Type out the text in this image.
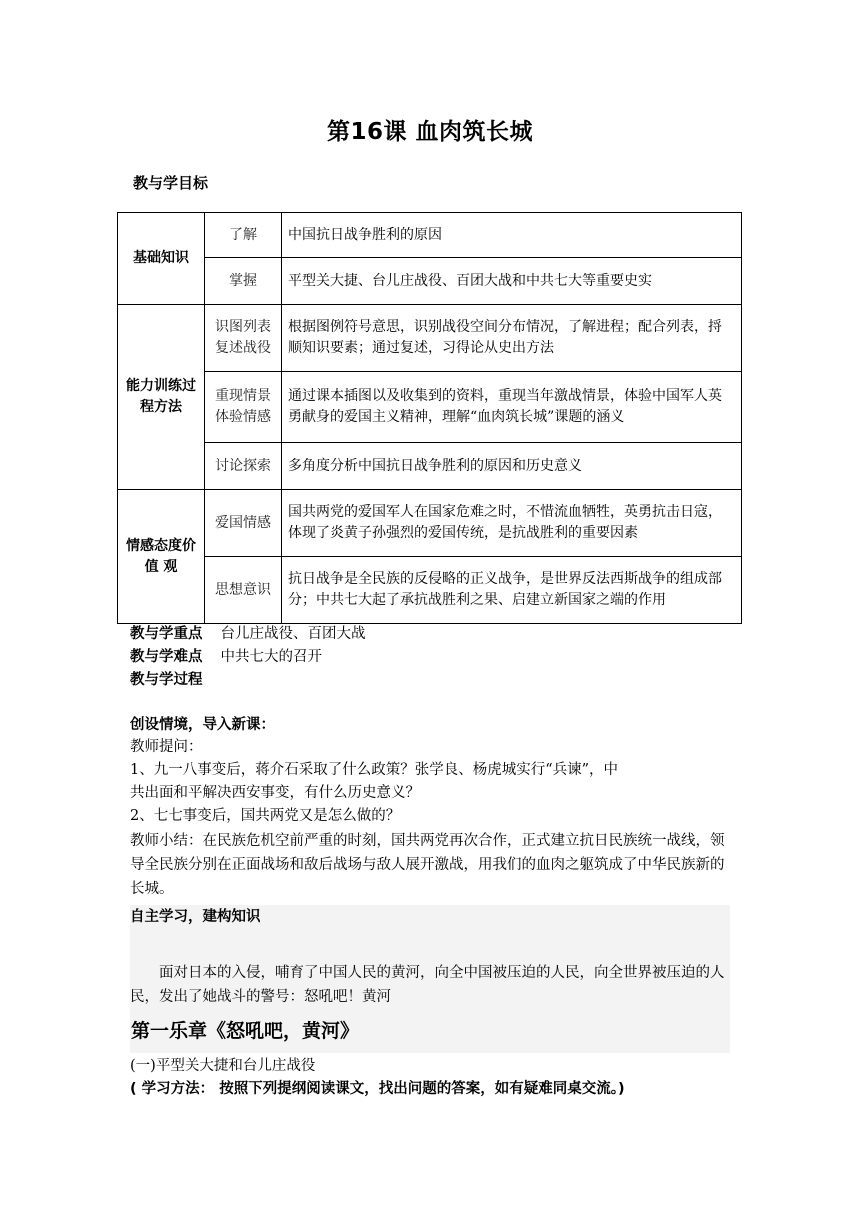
第16课 血肉筑长城
教与学目标
基础知识	了解	中国抗日战争胜利的原因
	掌握	平型关大捷、台儿庄战役、百团大战和中共七大等重要史实
能力训练过程方法	识图列表复述战役	根据图例符号意思，识别战役空间分布情况，了解进程；配合列表，捋顺知识要素；通过复述，习得论从史出方法
	重现情景体验情感	通过课本插图以及收集到的资料，重现当年激战情景，体验中国军人英勇献身的爱国主义精神，理解“血肉筑长城”课题的涵义
	讨论探索	多角度分析中国抗日战争胜利的原因和历史意义
情感态度价 值 观	爱国情感	国共两党的爱国军人在国家危难之时，不惜流血牺牲，英勇抗击日寇，体现了炎黄子孙强烈的爱国传统，是抗战胜利的重要因素
	思想意识	抗日战争是全民族的反侵略的正义战争，是世界反法西斯战争的组成部分；中共七大起了承抗战胜利之果、启建立新国家之端的作用
教与学重点 台儿庄战役、百团大战
教与学难点 中共七大的召开
教与学过程
创设情境，导入新课：
教师提问：
1、九一八事变后，蒋介石采取了什么政策？张学良、杨虎城实行“兵谏”，中
共出面和平解决西安事变，有什么历史意义？
2、七七事变后，国共两党又是怎么做的？
教师小结：在民族危机空前严重的时刻，国共两党再次合作，正式建立抗日民族统一战线，领导全民族分别在正面战场和敌后战场与敌人展开激战，用我们的血肉之躯筑成了中华民族新的长城。
自主学习，建构知识
面对日本的入侵，哺育了中国人民的黄河，向全中国被压迫的人民，向全世界被压迫的人民，发出了她战斗的警号：怒吼吧！黄河
第一乐章《怒吼吧，黄河》
(一)平型关大捷和台儿庄战役
( 学习方法： 按照下列提纲阅读课文，找出问题的答案，如有疑难同桌交流。)
